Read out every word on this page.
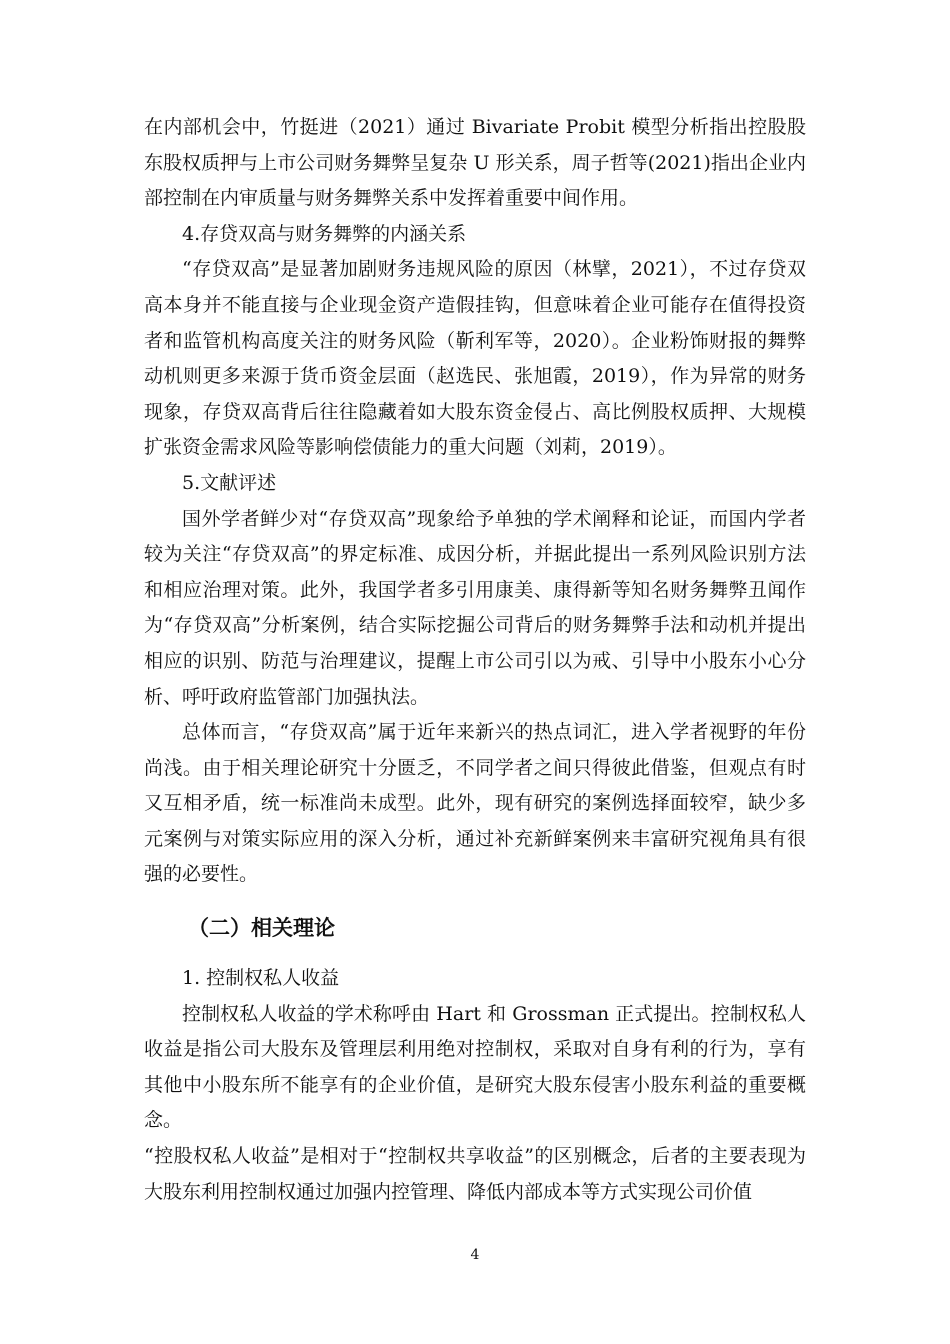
在内部机会中，竹挺进（2021）通过 Bivariate Probit 模型分析指出控股股东股权质押与上市公司财务舞弊呈复杂 U 形关系，周子哲等(2021)指出企业内部控制在内审质量与财务舞弊关系中发挥着重要中间作用。

4.存贷双高与财务舞弊的内涵关系

“存贷双高”是显著加剧财务违规风险的原因（林擘，2021），不过存贷双高本身并不能直接与企业现金资产造假挂钩，但意味着企业可能存在值得投资者和监管机构高度关注的财务风险（靳利军等，2020）。企业粉饰财报的舞弊动机则更多来源于货币资金层面（赵选民、张旭霞，2019），作为异常的财务现象，存贷双高背后往往隐藏着如大股东资金侵占、高比例股权质押、大规模扩张资金需求风险等影响偿债能力的重大问题（刘莉，2019）。

5.文献评述

国外学者鲜少对“存贷双高”现象给予单独的学术阐释和论证，而国内学者较为关注“存贷双高”的界定标准、成因分析，并据此提出一系列风险识别方法和相应治理对策。此外，我国学者多引用康美、康得新等知名财务舞弊丑闻作为“存贷双高”分析案例，结合实际挖掘公司背后的财务舞弊手法和动机并提出相应的识别、防范与治理建议，提醒上市公司引以为戒、引导中小股东小心分析、呼吁政府监管部门加强执法。

总体而言，“存贷双高”属于近年来新兴的热点词汇，进入学者视野的年份尚浅。由于相关理论研究十分匮乏，不同学者之间只得彼此借鉴，但观点有时又互相矛盾，统一标准尚未成型。此外，现有研究的案例选择面较窄，缺少多元案例与对策实际应用的深入分析，通过补充新鲜案例来丰富研究视角具有很强的必要性。

（二）相关理论

1. 控制权私人收益

控制权私人收益的学术称呼由 Hart 和 Grossman 正式提出。控制权私人收益是指公司大股东及管理层利用绝对控制权，采取对自身有利的行为，享有其他中小股东所不能享有的企业价值，是研究大股东侵害小股东利益的重要概念。

“控股权私人收益”是相对于“控制权共享收益”的区别概念，后者的主要表现为大股东利用控制权通过加强内控管理、降低内部成本等方式实现公司价值

4
